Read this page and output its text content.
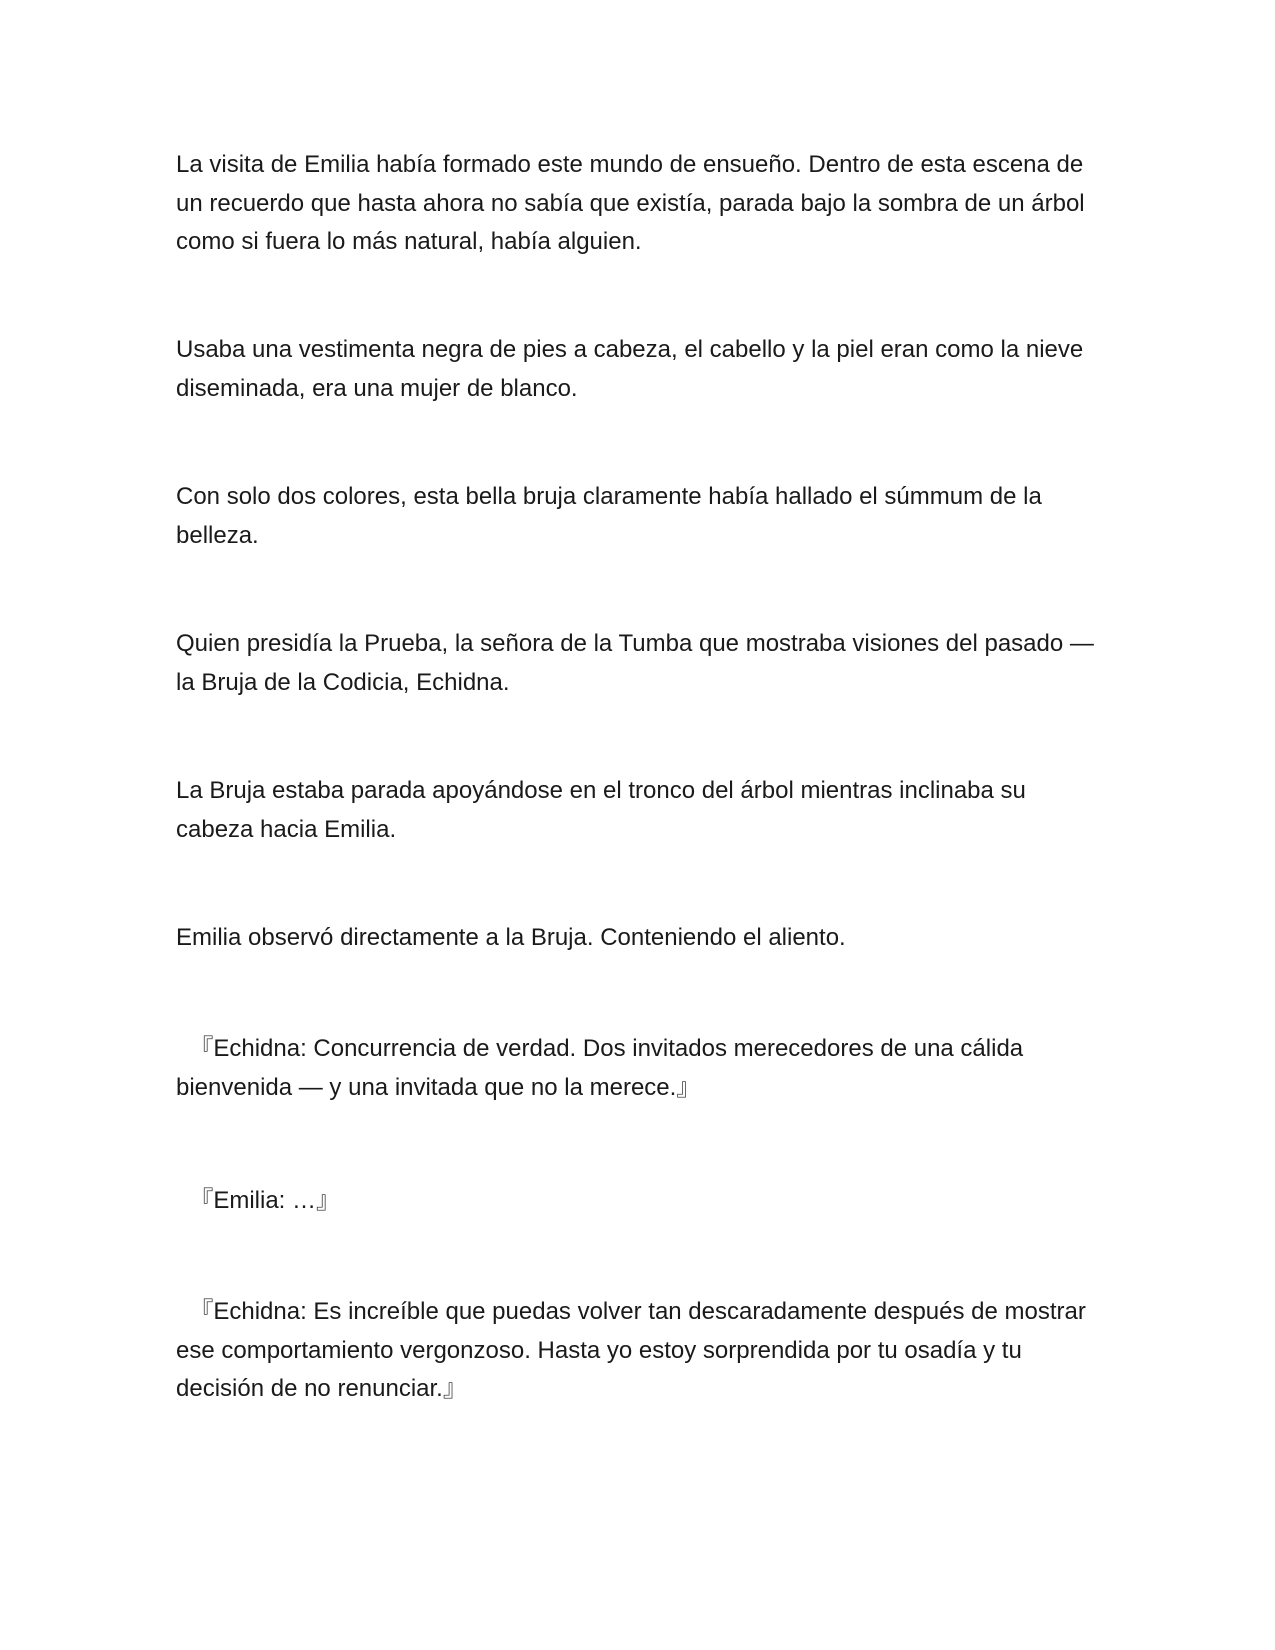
La visita de Emilia había formado este mundo de ensueño. Dentro de esta escena de un recuerdo que hasta ahora no sabía que existía, parada bajo la sombra de un árbol como si fuera lo más natural, había alguien.

Usaba una vestimenta negra de pies a cabeza, el cabello y la piel eran como la nieve diseminada, era una mujer de blanco.

Con solo dos colores, esta bella bruja claramente había hallado el súmmum de la belleza.

Quien presidía la Prueba, la señora de la Tumba que mostraba visiones del pasado — la Bruja de la Codicia, Echidna.

La Bruja estaba parada apoyándose en el tronco del árbol mientras inclinaba su cabeza hacia Emilia.

Emilia observó directamente a la Bruja. Conteniendo el aliento.

『Echidna: Concurrencia de verdad. Dos invitados merecedores de una cálida bienvenida — y una invitada que no la merece.』

『Emilia: …』

『Echidna: Es increíble que puedas volver tan descaradamente después de mostrar ese comportamiento vergonzoso. Hasta yo estoy sorprendida por tu osadía y tu decisión de no renunciar.』
